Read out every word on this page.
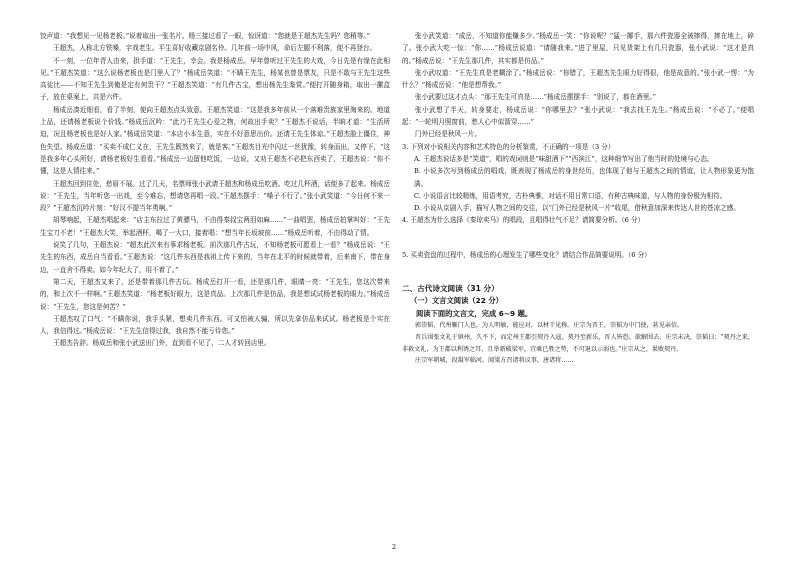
饺声道：“我想见一见杨老板。”说着取出一张名片。杨三接过看了一眼，惊讶道：“您就是王超杰先生吗？您稍等。”

王超杰，人称北方铁嗓，字戏老生。平生喜好收藏京剧名伶。几年前一场中风，命后左腿不利落，便不再登台。

不一刻，一位年青人由来，拱手道：“王先生，幸会。我是杨成岳。早年曾听过王先生的大戏，今日先是有缘在此相见。”王超杰笑道：“这么说杨老板也是门里人了？”杨成岳笑道：“不瞒王先生，杨某也曾是票友，只是不敢与王先生这些高徒比——不知王先生到俺是定有何贵干？”王超杰笑道：“有几件古宝，想出杨先生鉴赏。”便打开随身箱，取出一摞盒子，放在桌案上，共是六件。

杨成岳凑近细看，看了半刻，便向王超杰点头致意。王超杰笑道：“这是我多年前从一个落难贵族家里淘来的。地道上品，还请杨老板说个价钱。”杨成岳沉吟：“此乃王先生心爱之物，何故出手卖？”王超杰不说话，半晌才道：“生活所迫，况且杨老板也是好人家。”杨成岳笑道：“本店小本生意，实在不好意思出价。还请王先生体谅。”王超杰脸上僵住，神色失望。杨成岳道：“买卖不成仁义在，王先生既然来了，就是客。”王超杰目光中闪过一丝犹豫，转身而出，又停下，“这是我多年心头所好，请杨老板好生看看。”杨成岳一边留他吃饭，一边说，又劝王超杰不必把东西卖了，王超杰说：“你不懂，这是人情往来。”

王超杰回到住处，愁眉不展。过了几天，名票师张小武请王超杰和杨成岳吃酒。吃过几杯酒，话便多了起来。杨成岳说：“王先生，当年听您一出戏，至今难忘，想请您再唱一段。”王超杰摆手：“嗓子不行了。”张小武笑道：“今日何不来一段？”王超杰沉吟片刻：“好汉不提当年勇啊。”

胡琴响起，王超杰唱起来：“店主东拉过了黄骠马，不由得秦叔宝两泪如麻……”一曲唱罢，杨成岳拍掌叫好：“王先生宝刀不老！”王超杰大笑，举起酒杯，喝了一大口，接着唱：“想当年长坂坡前……”杨成岳听着，不由得动了情。

说笑了几句，王超杰说：“超杰此次来有事求杨老板。前次那几件古玩，不知杨老板可愿看上一看？”杨成岳说：“王先生的东西，成岳自当看看。”王超杰说：“这几件东西是我祖上传下来的，当年在北平的时候就带着，后来南下，带在身边，一直舍不得卖。如今年纪大了，用不着了。”

第二天，王超杰又来了，还是带着那几件古玩。杨成岳打开一看，还是那几件，眼睛一亮：“王先生，您这次带来的，和上次不一样啊。”王超杰笑道：“杨老板好眼力，这是真品。上次那几件是仿品，我是想试试杨老板的眼力。”杨成岳说：“王先生，您这是何苦？”

王超杰叹了口气：“不瞒你说，我手头紧，想卖几件东西。可又怕被人骗，所以先拿仿品来试试。杨老板是个实在人，我信得过。”杨成岳说：“王先生信得过我，我自然不能亏待您。”

王超杰告辞。杨成岳和张小武送出门外，直到看不见了，二人才转回店里。

张小武笑道：“成岳，不知道你能赚多少。”杨成岳一笑：“你说呢？”猛一揶手，那六件瓷器全被摔得，摔在地上，碎了。张小武大吃一惊：“你……”杨成岳说道：“请随我来。”进了里屋，只见货架上有几只瓷器，张小武说：“这才是真的。”杨成岳说：“王先生那几件，其实都是仿品。”

张小武叹道：“王先生真是老糊涂了。”杨成岳说：“你错了，王超杰先生眼力好得很，他是故意的。”张小武一愣：“为什么？”杨成岳说：“他是想帮我。”

张小武要过这才点头：“那王先生可真是……”杨成岳摆摆手：“别说了，都在酒里。”

张小武想了半天，转身要走，杨成岳说：“你哪里去？”张小武说：“我去找王先生。”杨成岳说：“不必了。”便唱起：“一轮明月照窗前，愁人心中似箭穿……”

门外已经是秋风一片。

3. 下列对小说相关内容和艺术特色的分析鉴赏，不正确的一项是（3 分）

A. 王超杰说话多是“笑道”，唱的戏词则是“味甜酒下”“西滨江”，这种细节写出了他当时的处境与心态。

B. 小说多次写到杨成岳的唱戏，既表现了杨成岳的身世经历，也体现了他与王超杰之间的情谊，让人物形象更为饱满。

C. 小说语言比较精炼，用语考究，古朴典雅，对话不用日常口语，有种古典味道，与人物的身份极为相符。

D. 小说从京剧入手，描写人物之间的交往，以“门外已经是秋风一片”收尾，借秋意加深来传达人世的苍凉之感。

4. 王超杰为什么选择《秦琼卖马》的唱段，且唱得壮气不足？请简要分析。（6 分）

5. 买卖瓷盘的过程中，杨成岳的心理发生了哪些变化？请结合作品简要说明。（6 分）

二、古代诗文阅读（31 分）

（一）文言文阅读（22 分）

阅读下面的文言文，完成 6~9 题。

郭崇韬，代州雁门人也，为人明敏，能应对，以材干见称。庄宗为晋王，崇韬为中门使，甚见亲信。

晋兵围张文礼于镇州，久不下，而定州王都引契丹入寇。契丹至新乐，晋人皆恐。欲解围去，庄宗未决，崇韬曰：“契丹之来，非救文礼，为王都以利诱之耳，且举新破梁军，宜乘已胜之势，不可退以示弱也。”庄宗从之，果败契丹。

庄宗军朝城，段凝军临河。闻梁方召诸将议事，唐诸将……

2
